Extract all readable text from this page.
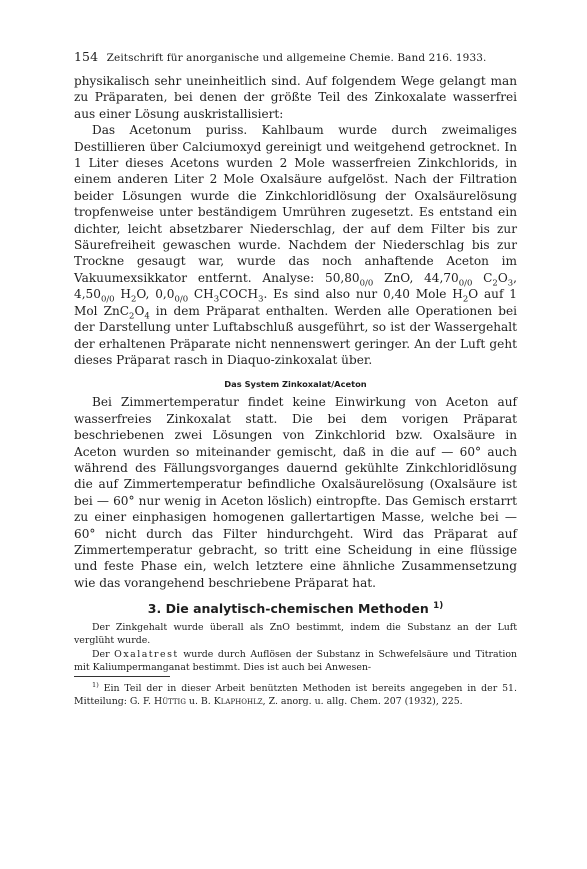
154 Zeitschrift für anorganische und allgemeine Chemie. Band 216. 1933.

physikalisch sehr uneinheitlich sind. Auf folgendem Wege gelangt man zu Präparaten, bei denen der größte Teil des Zinkoxalate wasserfrei aus einer Lösung auskristallisiert:

Das Acetonum puriss. Kahlbaum wurde durch zweimaliges Destillieren über Calciumoxyd gereinigt und weitgehend getrocknet. In 1 Liter dieses Acetons wurden 2 Mole wasserfreien Zinkchlorids, in einem anderen Liter 2 Mole Oxalsäure aufgelöst. Nach der Filtration beider Lösungen wurde die Zinkchloridlösung der Oxalsäurelösung tropfenweise unter beständigem Umrühren zugesetzt. Es entstand ein dichter, leicht absetzbarer Niederschlag, der auf dem Filter bis zur Säurefreiheit gewaschen wurde. Nachdem der Niederschlag bis zur Trockne gesaugt war, wurde das noch anhaftende Aceton im Vakuumexsikkator entfernt. Analyse: $50,80_{0/0}$ ZnO, $44,70_{0/0}$ $C_2O_3$, $4,50_{0/0}$ $H_2O$, $0,0_{0/0}$ $CH_3COCH_3$. Es sind also nur 0,40 Mole $H_2O$ auf 1 Mol $ZnC_2O_4$ in dem Präparat enthalten. Werden alle Operationen bei der Darstellung unter Luftabschluß ausgeführt, so ist der Wassergehalt der erhaltenen Präparate nicht nennenswert geringer. An der Luft geht dieses Präparat rasch in Diaquo-zinkoxalat über.

Das System Zinkoxalat/Aceton

Bei Zimmertemperatur findet keine Einwirkung von Aceton auf wasserfreies Zinkoxalat statt. Die bei dem vorigen Präparat beschriebenen zwei Lösungen von Zinkchlorid bzw. Oxalsäure in Aceton wurden so miteinander gemischt, daß in die auf — 60° auch während des Fällungsvorganges dauernd gekühlte Zinkchloridlösung die auf Zimmertemperatur befindliche Oxalsäurelösung (Oxalsäure ist bei — 60° nur wenig in Aceton löslich) eintropfte. Das Gemisch erstarrt zu einer einphasigen homogenen gallertartigen Masse, welche bei — 60° nicht durch das Filter hindurchgeht. Wird das Präparat auf Zimmertemperatur gebracht, so tritt eine Scheidung in eine flüssige und feste Phase ein, welch letztere eine ähnliche Zusammensetzung wie das vorangehend beschriebene Präparat hat.

3. Die analytisch-chemischen Methoden $^{1)}$

Der Zinkgehalt wurde überall als ZnO bestimmt, indem die Substanz an der Luft verglüht wurde.

Der Oxalatrest wurde durch Auflösen der Substanz in Schwefelsäure und Titration mit Kaliumpermanganat bestimmt. Dies ist auch bei Anwesen-

$^{1)}$ Ein Teil der in dieser Arbeit benützten Methoden ist bereits angegeben in der 51. Mitteilung: G. F. Hüttig u. B. Klaphohlz, Z. anorg. u. allg. Chem. 207 (1932), 225.
